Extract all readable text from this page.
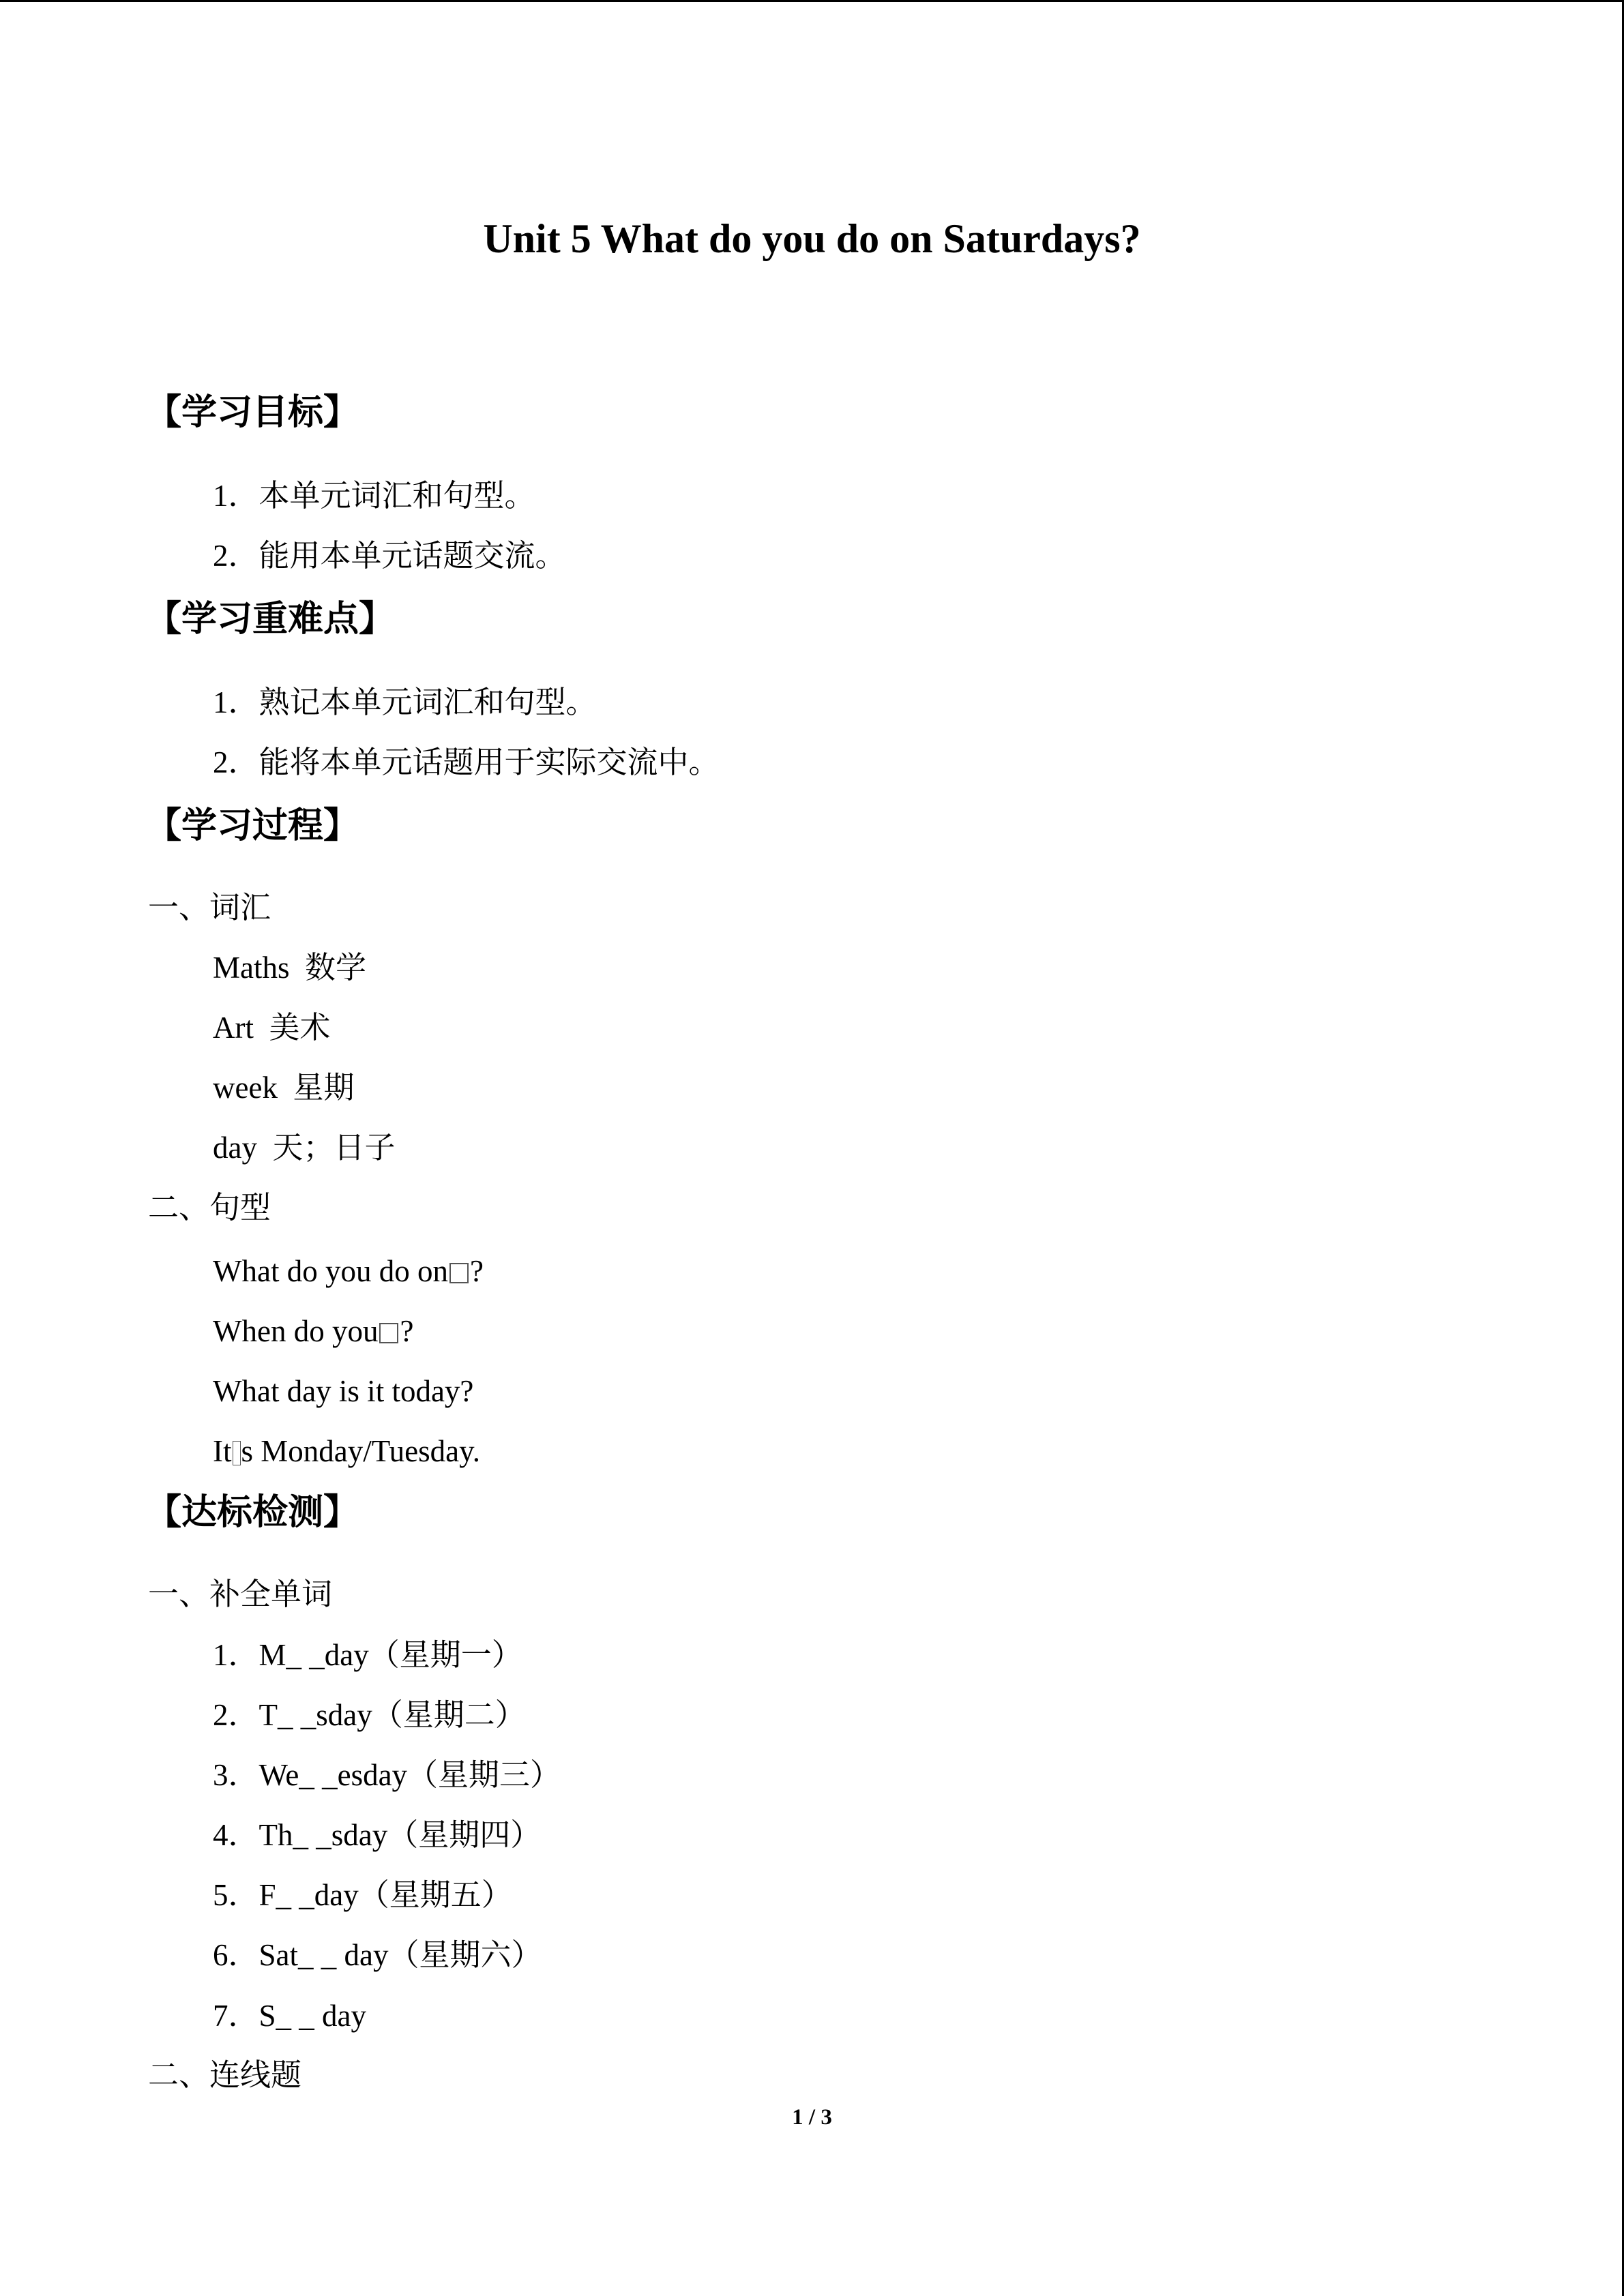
Unit 5 What do you do on Saturdays?
【学习目标】
1．本单元词汇和句型。
2．能用本单元话题交流。
【学习重难点】
1．熟记本单元词汇和句型。
2．能将本单元话题用于实际交流中。
【学习过程】
一、词汇
Maths  数学
Art  美术
week  星期
day  天；日子
二、句型
What do you do on ?
When do you ?
What day is it today?
It s Monday/Tuesday.
【达标检测】
一、补全单词
1．M_ _day（星期一）
2．T_ _sday（星期二）
3．We_ _esday（星期三）
4．Th_ _sday（星期四）
5．F_ _day（星期五）
6．Sat_ _ day（星期六）
7．S_ _ day
二、连线题
1 / 3
